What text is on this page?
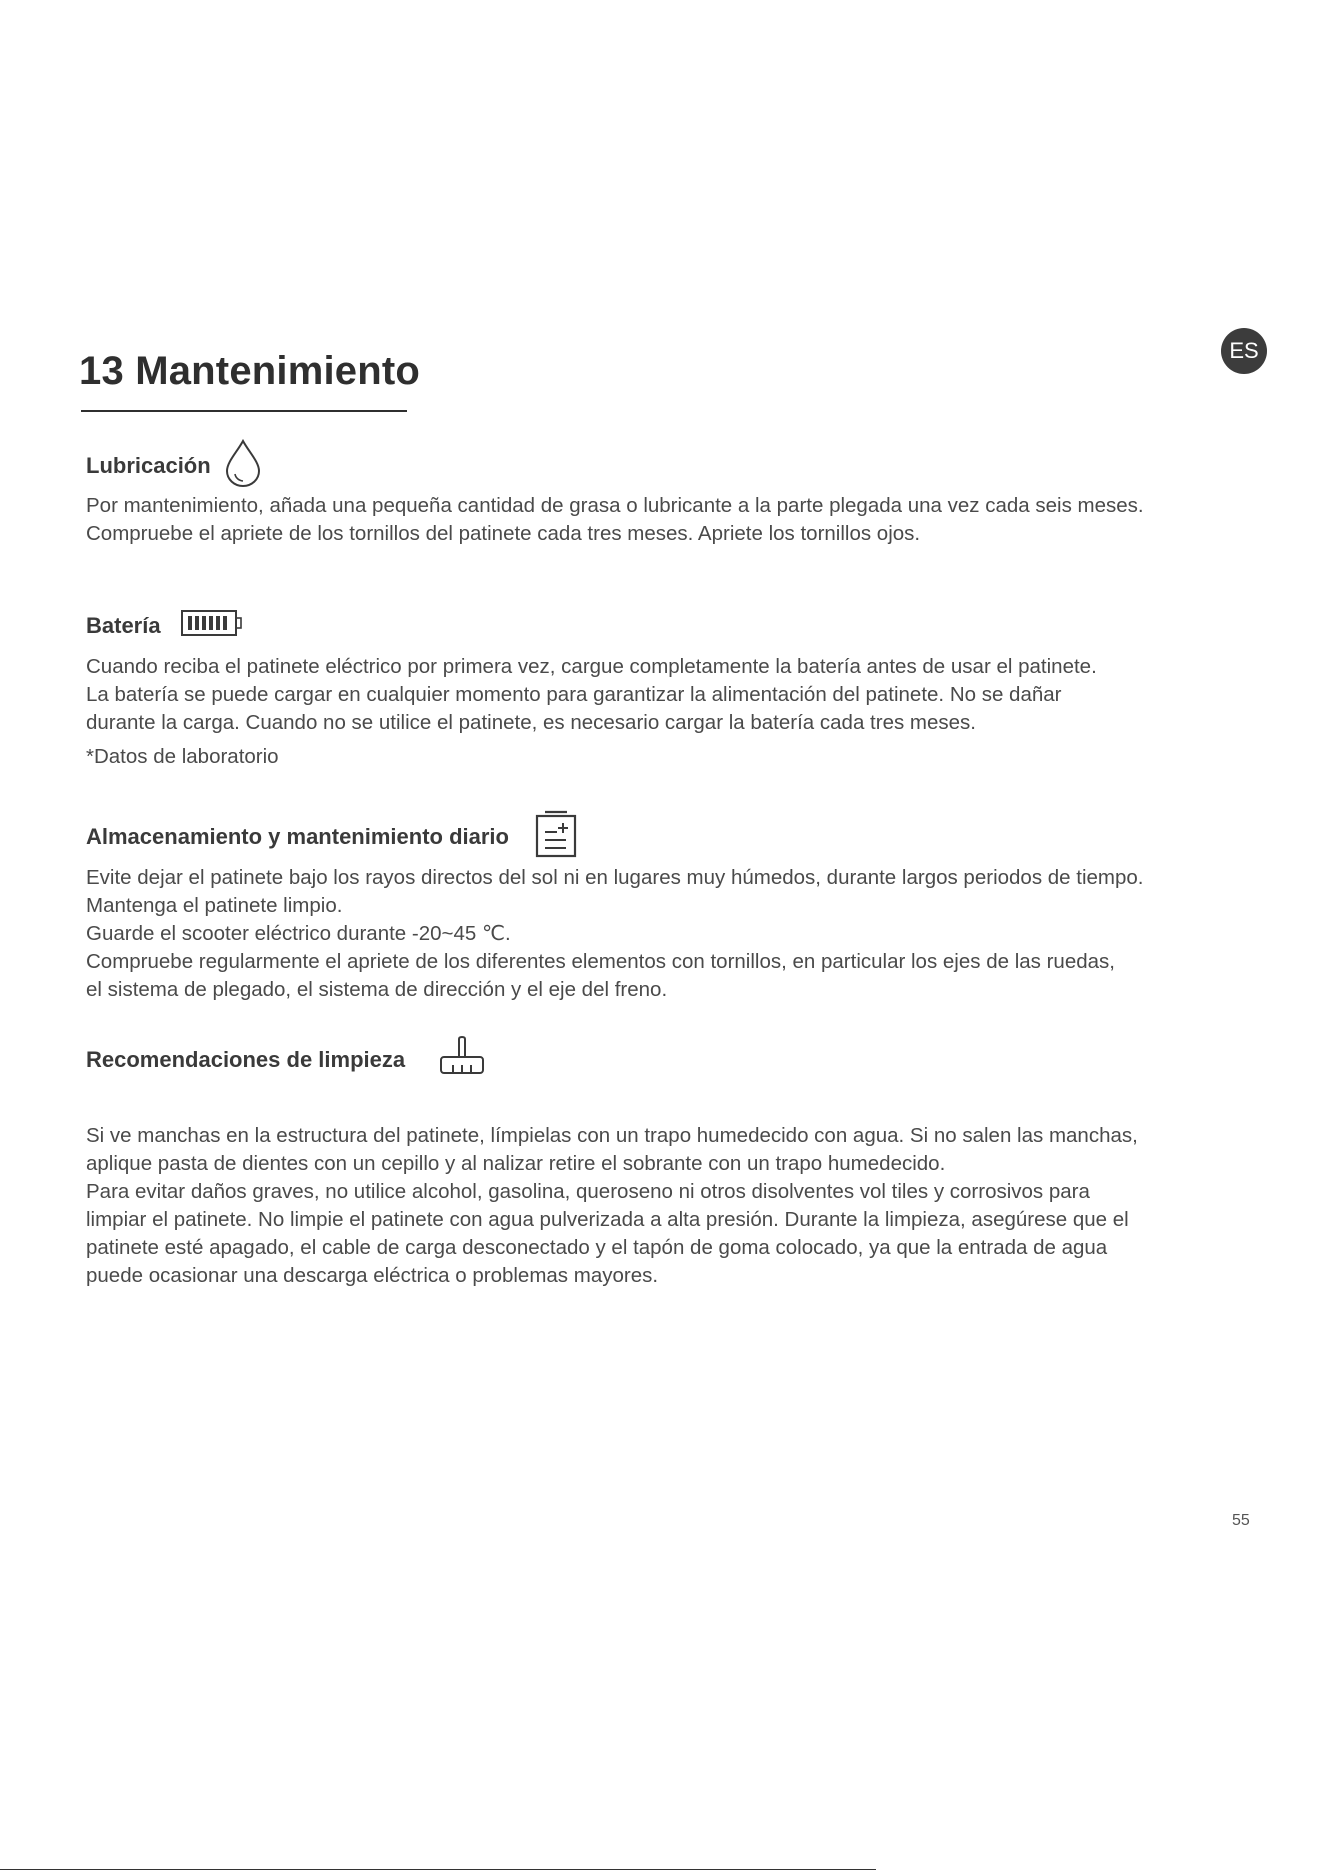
ES
13 Mantenimiento
Lubricación
Por mantenimiento, añada una pequeña cantidad de grasa o lubricante a la parte plegada una vez cada seis meses.
Compruebe el apriete de los tornillos del patinete cada tres meses. Apriete los tornillos ojos.
Batería
Cuando reciba el patinete eléctrico por primera vez, cargue completamente la batería antes de usar el patinete.
La batería se puede cargar en cualquier momento para garantizar la alimentación del patinete. No se dañar
durante la carga. Cuando no se utilice el patinete, es necesario cargar la batería cada tres meses.
*Datos de laboratorio
Almacenamiento y mantenimiento diario
Evite dejar el patinete bajo los rayos directos del sol ni en lugares muy húmedos, durante largos periodos de tiempo.
Mantenga el patinete limpio.
Guarde el scooter eléctrico durante -20~45 ℃.
Compruebe regularmente el apriete de los diferentes elementos con tornillos, en particular los ejes de las ruedas,
el sistema de plegado, el sistema de dirección y el eje del freno.
Recomendaciones de limpieza
Si ve manchas en la estructura del patinete, límpielas con un trapo humedecido con agua. Si no salen las manchas,
aplique pasta de dientes con un cepillo y al nalizar retire el sobrante con un trapo humedecido.
Para evitar daños graves, no utilice alcohol, gasolina, queroseno ni otros disolventes vol tiles y corrosivos para
limpiar el patinete. No limpie el patinete con agua pulverizada a alta presión. Durante la limpieza, asegúrese que el
patinete esté apagado, el cable de carga desconectado y el tapón de goma colocado, ya que la entrada de agua
puede ocasionar una descarga eléctrica o problemas mayores.
55
